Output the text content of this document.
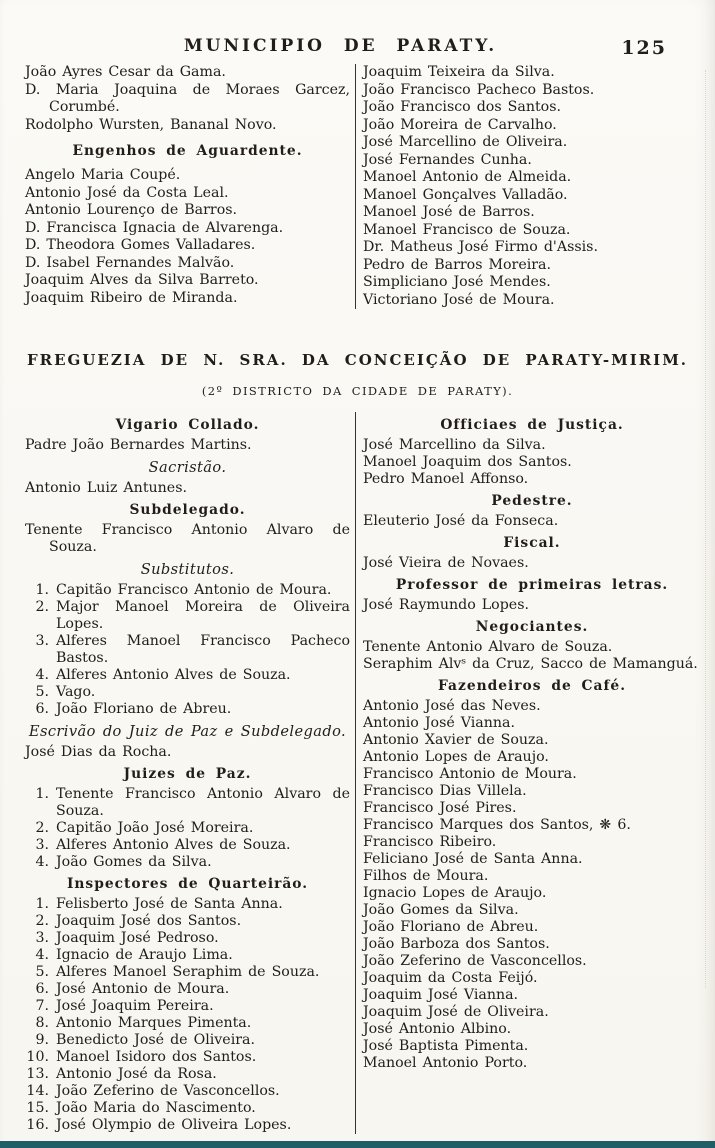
MUNICIPIO DE PARATY.	125
João Ayres Cesar da Gama.
D. Maria Joaquina de Moraes Garcez, Corumbé.
Rodolpho Wursten, Bananal Novo.
Engenhos de Aguardente.
Angelo Maria Coupé.
Antonio José da Costa Leal.
Antonio Lourenço de Barros.
D. Francisca Ignacia de Alvarenga.
D. Theodora Gomes Valladares.
D. Isabel Fernandes Malvão.
Joaquim Alves da Silva Barreto.
Joaquim Ribeiro de Miranda.
Joaquim Teixeira da Silva.
João Francisco Pacheco Bastos.
João Francisco dos Santos.
João Moreira de Carvalho.
José Marcellino de Oliveira.
José Fernandes Cunha.
Manoel Antonio de Almeida.
Manoel Gonçalves Valladão.
Manoel José de Barros.
Manoel Francisco de Souza.
Dr. Matheus José Firmo d'Assis.
Pedro de Barros Moreira.
Simpliciano José Mendes.
Victoriano José de Moura.
FREGUEZIA DE N. SRA. DA CONCEIÇÃO DE PARATY-MIRIM.
(2º DISTRICTO DA CIDADE DE PARATY).
Vigario Collado.
Padre João Bernardes Martins.
Sacristão.
Antonio Luiz Antunes.
Subdelegado.
Tenente Francisco Antonio Alvaro de Souza.
Substitutos.
1. Capitão Francisco Antonio de Moura.
2. Major Manoel Moreira de Oliveira Lopes.
3. Alferes Manoel Francisco Pacheco Bastos.
4. Alferes Antonio Alves de Souza.
5. Vago.
6. João Floriano de Abreu.
Escrivão do Juiz de Paz e Subdelegado.
José Dias da Rocha.
Juizes de Paz.
1. Tenente Francisco Antonio Alvaro de Souza.
2. Capitão João José Moreira.
3. Alferes Antonio Alves de Souza.
4. João Gomes da Silva.
Inspectores de Quarteirão.
1. Felisberto José de Santa Anna.
2. Joaquim José dos Santos.
3. Joaquim José Pedroso.
4. Ignacio de Araujo Lima.
5. Alferes Manoel Seraphim de Souza.
6. José Antonio de Moura.
7. José Joaquim Pereira.
8. Antonio Marques Pimenta.
9. Benedicto José de Oliveira.
10. Manoel Isidoro dos Santos.
13. Antonio José da Rosa.
14. João Zeferino de Vasconcellos.
15. João Maria do Nascimento.
16. José Olympio de Oliveira Lopes.
Officiaes de Justiça.
José Marcellino da Silva.
Manoel Joaquim dos Santos.
Pedro Manoel Affonso.
Pedestre.
Eleuterio José da Fonseca.
Fiscal.
José Vieira de Novaes.
Professor de primeiras letras.
José Raymundo Lopes.
Negociantes.
Tenente Antonio Alvaro de Souza.
Seraphim Alvˢ da Cruz, Sacco de Mamanguá.
Fazendeiros de Café.
Antonio José das Neves.
Antonio José Vianna.
Antonio Xavier de Souza.
Antonio Lopes de Araujo.
Francisco Antonio de Moura.
Francisco Dias Villela.
Francisco José Pires.
Francisco Marques dos Santos, ❋ 6.
Francisco Ribeiro.
Feliciano José de Santa Anna.
Filhos de Moura.
Ignacio Lopes de Araujo.
João Gomes da Silva.
João Floriano de Abreu.
João Barboza dos Santos.
João Zeferino de Vasconcellos.
Joaquim da Costa Feijó.
Joaquim José Vianna.
Joaquim José de Oliveira.
José Antonio Albino.
José Baptista Pimenta.
Manoel Antonio Porto.
